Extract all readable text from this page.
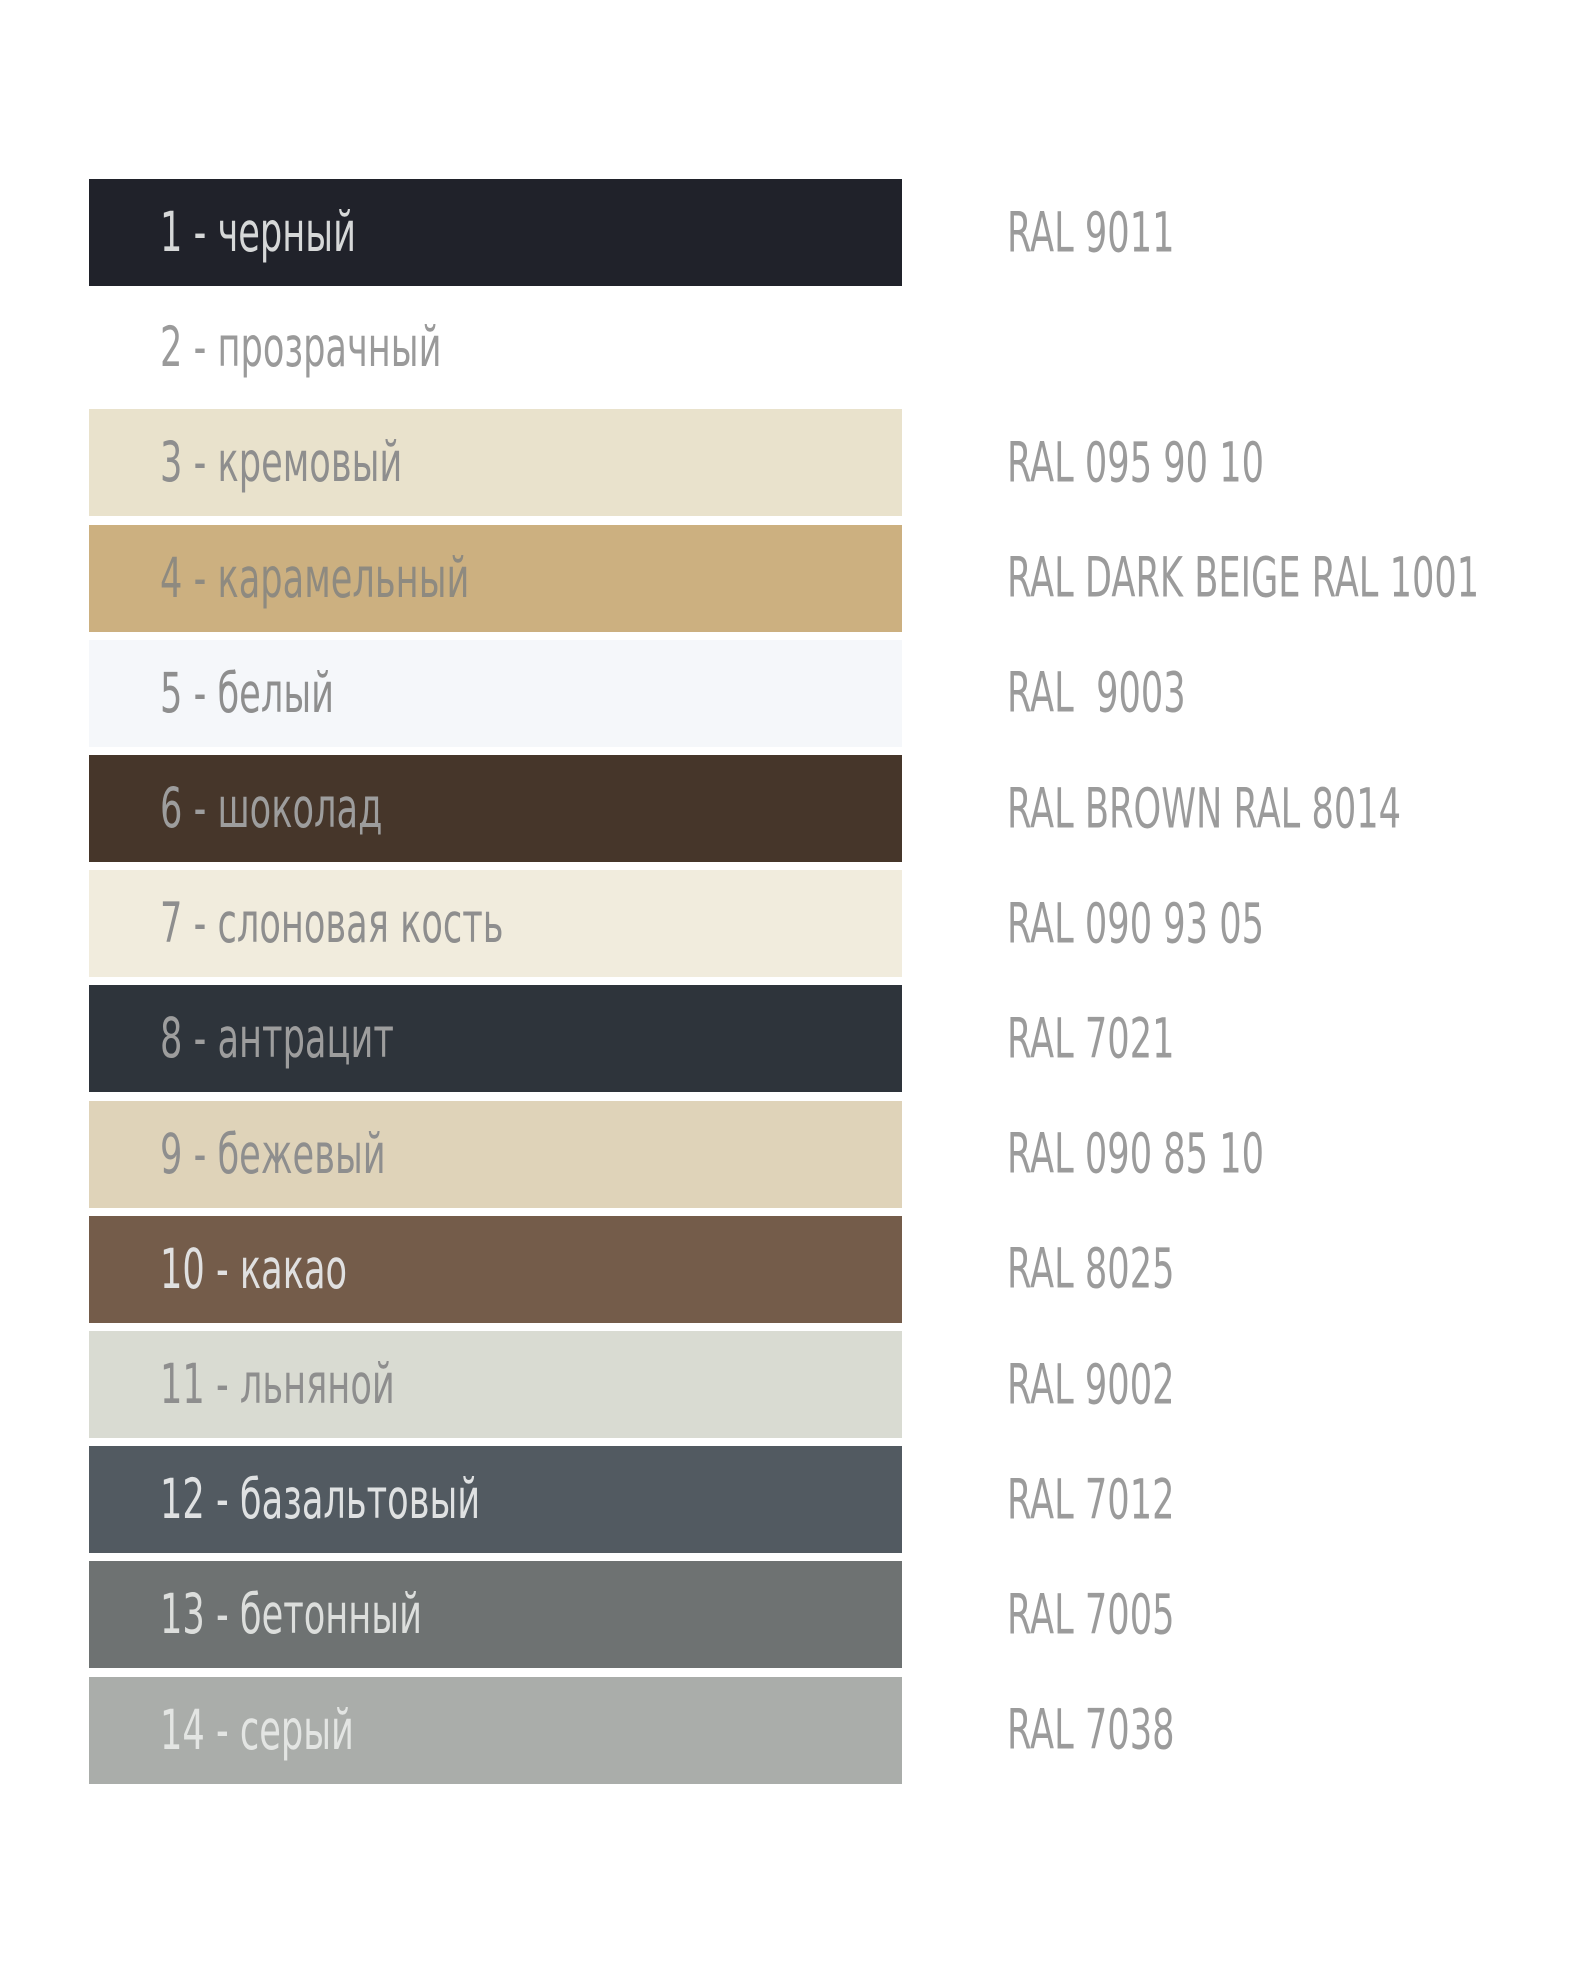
1 - черный	RAL 9011
2 - прозрачный
3 - кремовый	RAL 095 90 10
4 - карамельный	RAL DARK BEIGE RAL 1001
5 - белый	RAL  9003
6 - шоколад	RAL BROWN RAL 8014
7 - слоновая кость	RAL 090 93 05
8 - антрацит	RAL 7021
9 - бежевый	RAL 090 85 10
10 - какао	RAL 8025
11 - льняной	RAL 9002
12 - базальтовый	RAL 7012
13 - бетонный	RAL 7005
14 - серый	RAL 7038
